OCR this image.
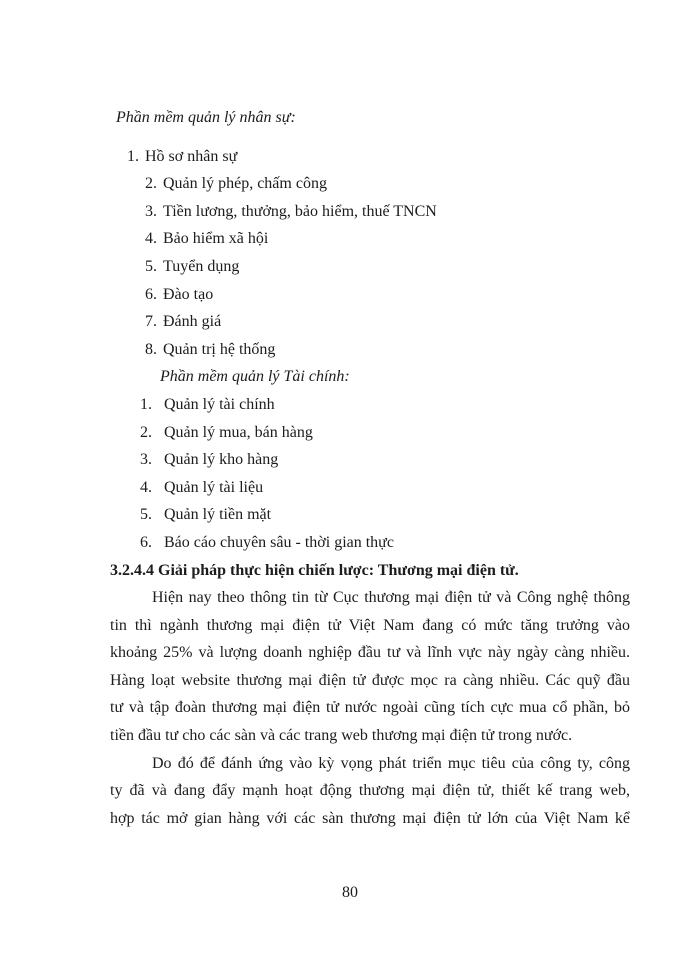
Phần mềm quản lý nhân sự:
1. Hồ sơ nhân sự
2. Quản lý phép, chấm công
3. Tiền lương, thưởng, bảo hiểm, thuế TNCN
4. Bảo hiểm xã hội
5. Tuyển dụng
6. Đào tạo
7. Đánh giá
8. Quản trị hệ thống
Phần mềm quản lý Tài chính:
1. Quản lý tài chính
2. Quản lý mua, bán hàng
3. Quản lý kho hàng
4. Quản lý tài liệu
5. Quản lý tiền mặt
6. Báo cáo chuyên sâu - thời gian thực
3.2.4.4 Giải pháp thực hiện chiến lược: Thương mại điện tử.
Hiện nay theo thông tin từ Cục thương mại điện tử và Công nghệ thông
tin thì ngành thương mại điện tử Việt Nam đang có mức tăng trưởng vào
khoảng 25% và lượng doanh nghiệp đầu tư và lĩnh vực này ngày càng nhiều.
Hàng loạt website thương mại điện tử được mọc ra càng nhiều. Các quỹ đầu
tư và tập đoàn thương mại điện tử nước ngoài cũng tích cực mua cổ phần, bỏ
tiền đầu tư cho các sàn và các trang web thương mại điện tử trong nước.
Do đó để đánh ứng vào kỳ vọng phát triển mục tiêu của công ty, công
ty đã và đang đẩy mạnh hoạt động thương mại điện tử, thiết kế trang web,
hợp tác mở gian hàng với các sàn thương mại điện tử lớn của Việt Nam kể
80
